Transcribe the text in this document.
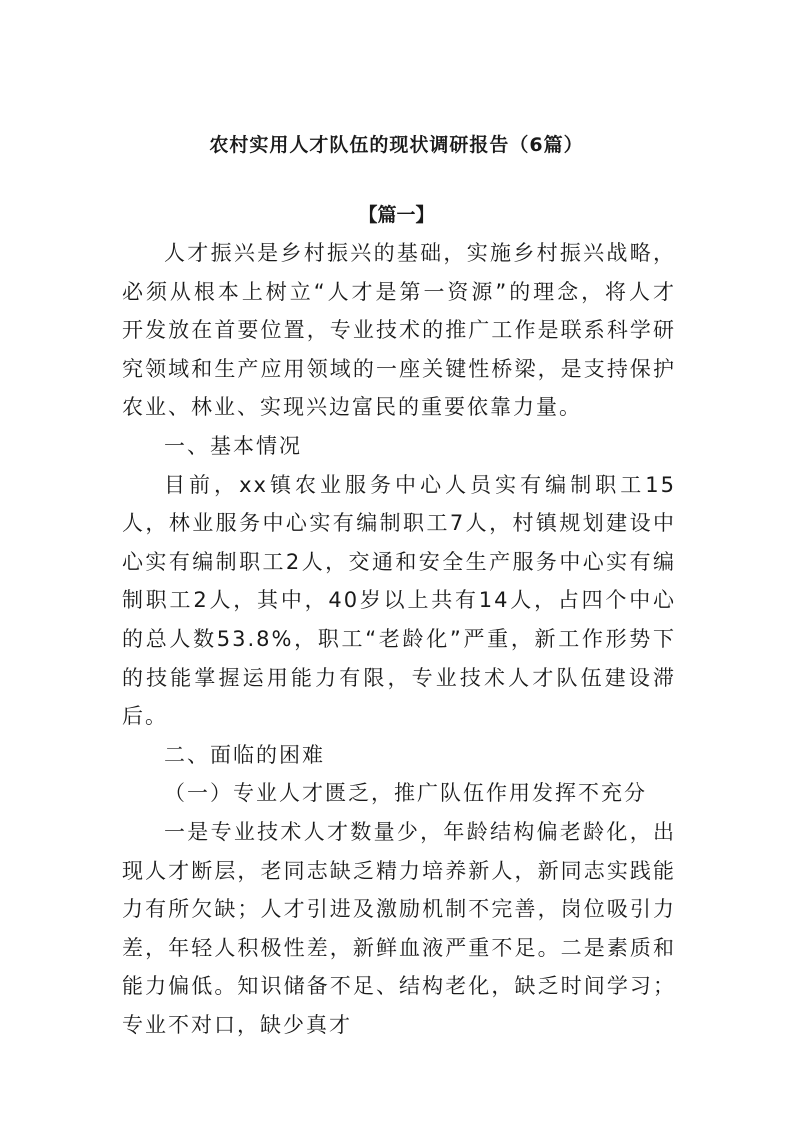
农村实用人才队伍的现状调研报告（6篇）
【篇一】

人才振兴是乡村振兴的基础，实施乡村振兴战略，必须从根本上树立“人才是第一资源”的理念，将人才开发放在首要位置，专业技术的推广工作是联系科学研究领域和生产应用领域的一座关键性桥梁，是支持保护农业、林业、实现兴边富民的重要依靠力量。

一、基本情况

目前，xx镇农业服务中心人员实有编制职工15人，林业服务中心实有编制职工7人，村镇规划建设中心实有编制职工2人，交通和安全生产服务中心实有编制职工2人，其中，40岁以上共有14人，占四个中心的总人数53.8%，职工“老龄化”严重，新工作形势下的技能掌握运用能力有限，专业技术人才队伍建设滞后。

二、面临的困难

（一）专业人才匮乏，推广队伍作用发挥不充分

一是专业技术人才数量少，年龄结构偏老龄化，出现人才断层，老同志缺乏精力培养新人，新同志实践能力有所欠缺；人才引进及激励机制不完善，岗位吸引力差，年轻人积极性差，新鲜血液严重不足。二是素质和能力偏低。知识储备不足、结构老化，缺乏时间学习；专业不对口，缺少真才
